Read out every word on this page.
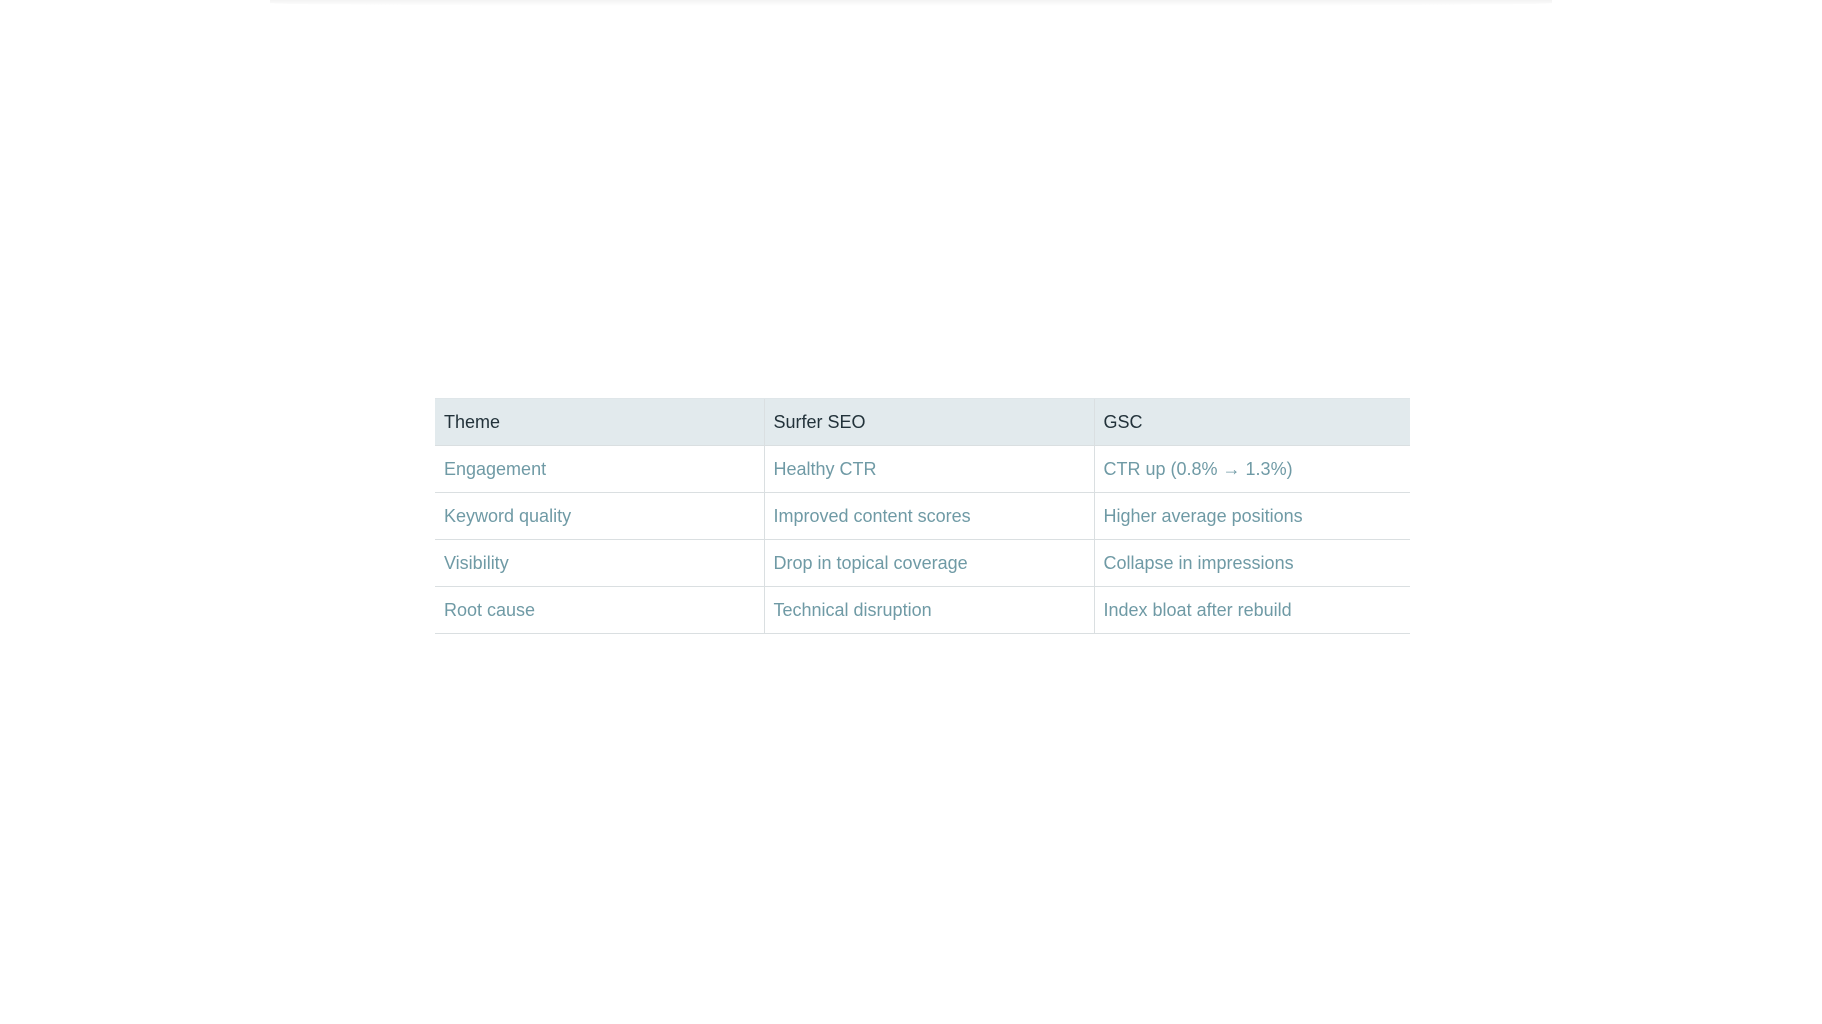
Theme	Surfer SEO	GSC
Engagement	Healthy CTR	CTR up (0.8% → 1.3%)
Keyword quality	Improved content scores	Higher average positions
Visibility	Drop in topical coverage	Collapse in impressions
Root cause	Technical disruption	Index bloat after rebuild
